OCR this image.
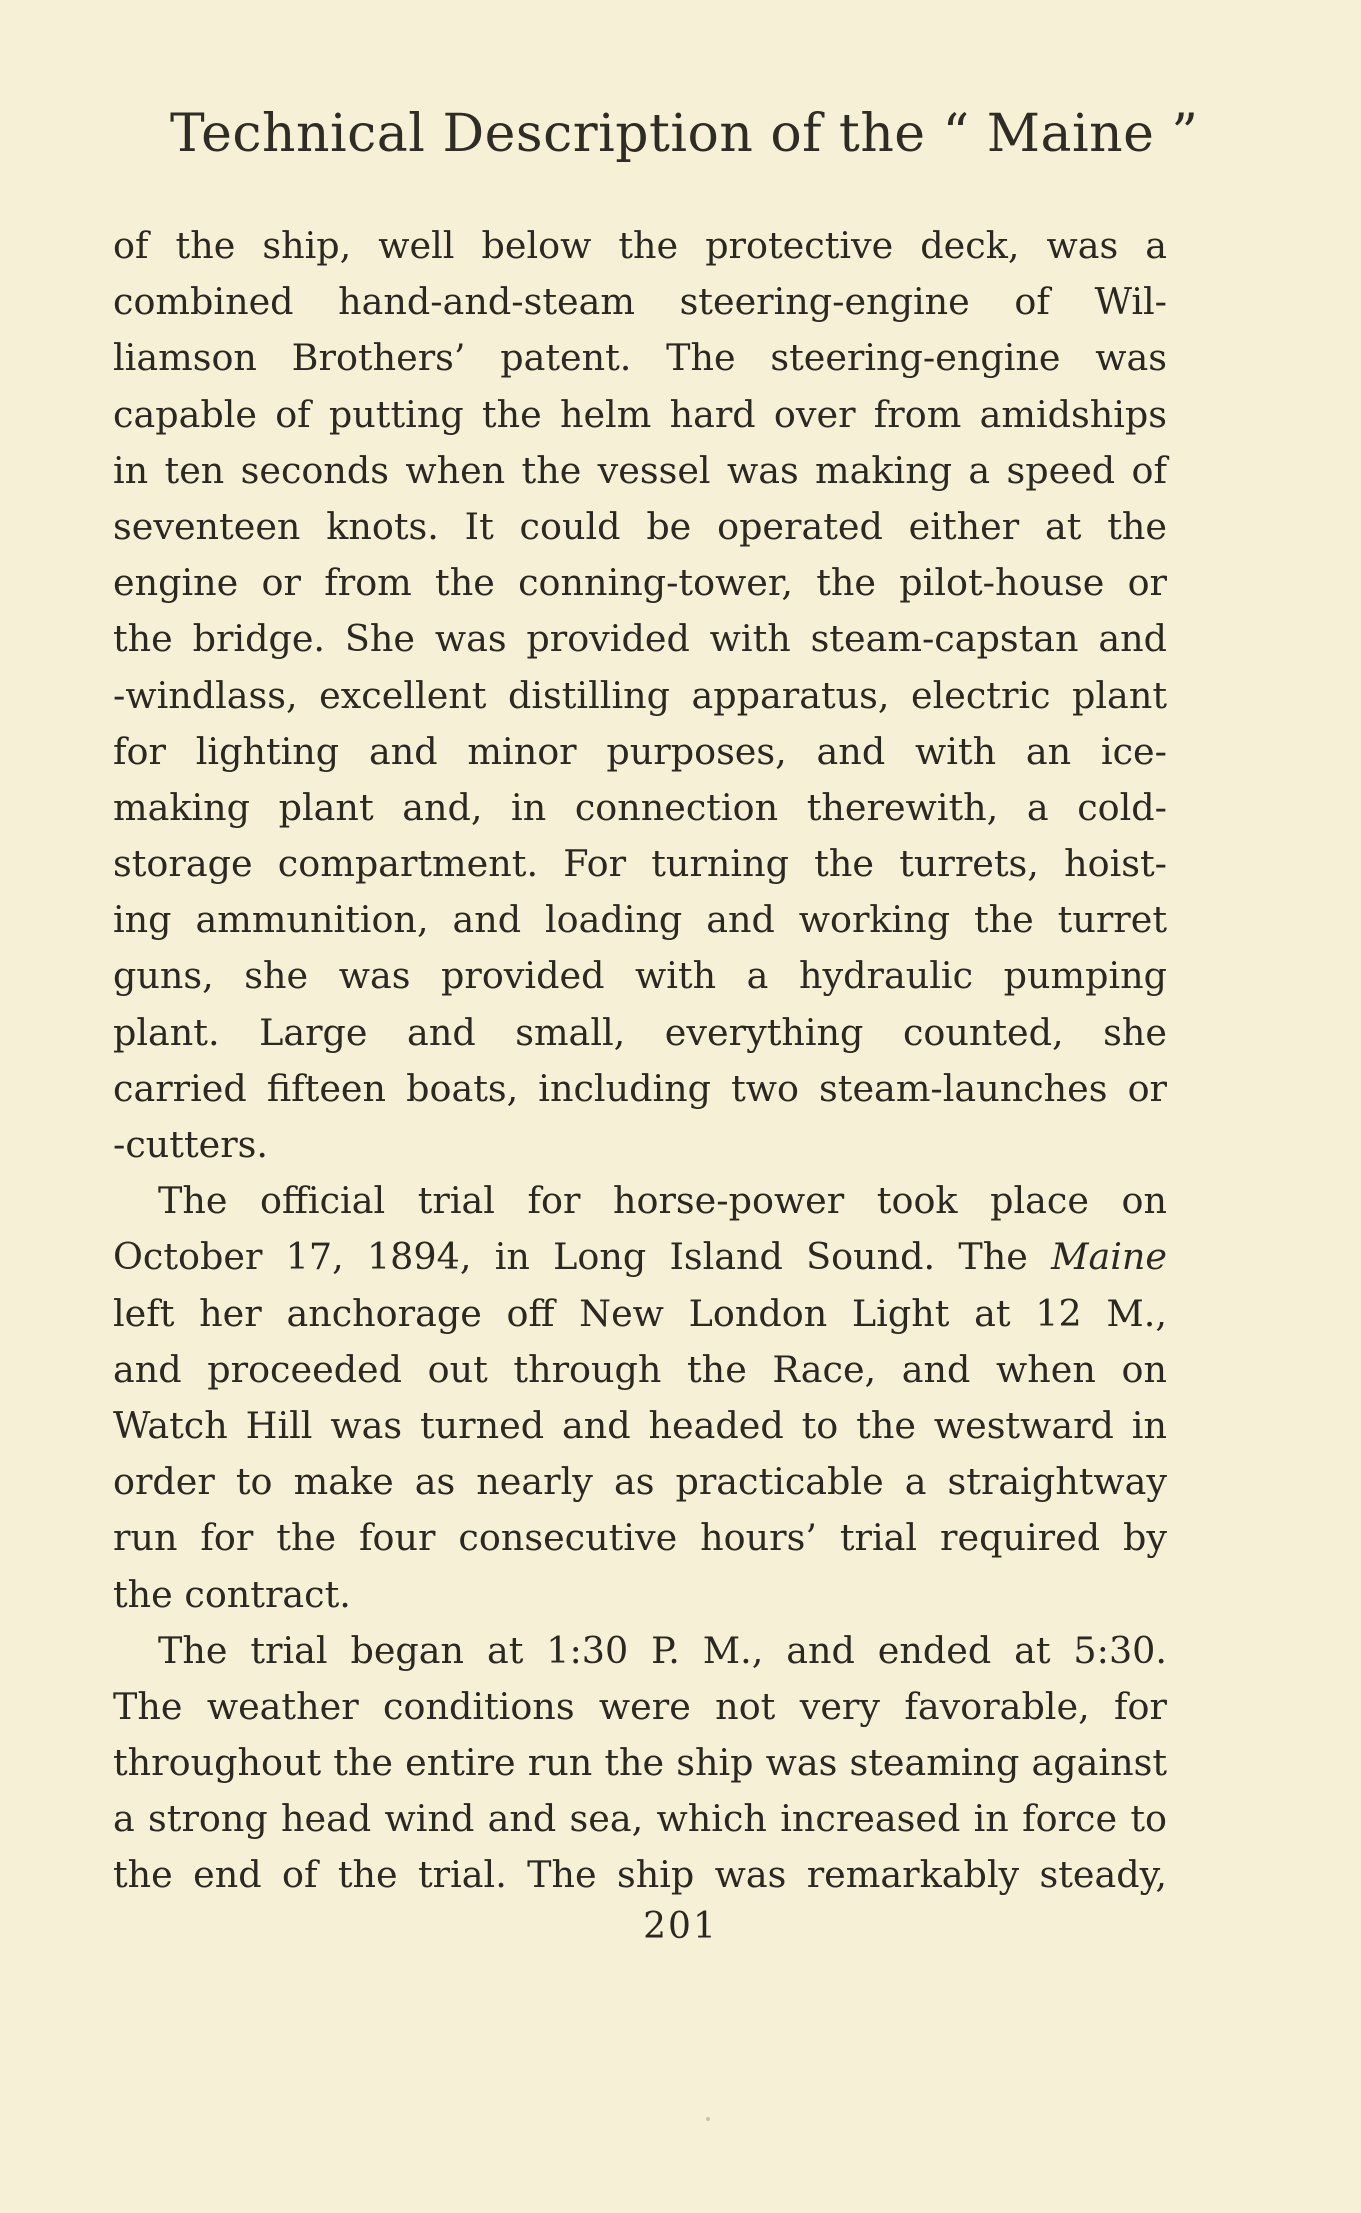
Technical Description of the “ Maine ”
of the ship, well below the protective deck, was a
combined hand-and-steam steering-engine of Wil-
liamson Brothers’ patent. The steering-engine was
capable of putting the helm hard over from amidships
in ten seconds when the vessel was making a speed of
seventeen knots. It could be operated either at the
engine or from the conning-tower, the pilot-house or
the bridge. She was provided with steam-capstan and
-windlass, excellent distilling apparatus, electric plant
for lighting and minor purposes, and with an ice-
making plant and, in connection therewith, a cold-
storage compartment. For turning the turrets, hoist-
ing ammunition, and loading and working the turret
guns, she was provided with a hydraulic pumping
plant. Large and small, everything counted, she
carried fifteen boats, including two steam-launches or
-cutters.
The official trial for horse-power took place on
October 17, 1894, in Long Island Sound. The Maine
left her anchorage off New London Light at 12 M.,
and proceeded out through the Race, and when on
Watch Hill was turned and headed to the westward in
order to make as nearly as practicable a straightway
run for the four consecutive hours’ trial required by
the contract.
The trial began at 1:30 P. M., and ended at 5:30.
The weather conditions were not very favorable, for
throughout the entire run the ship was steaming against
a strong head wind and sea, which increased in force to
the end of the trial. The ship was remarkably steady,
201
